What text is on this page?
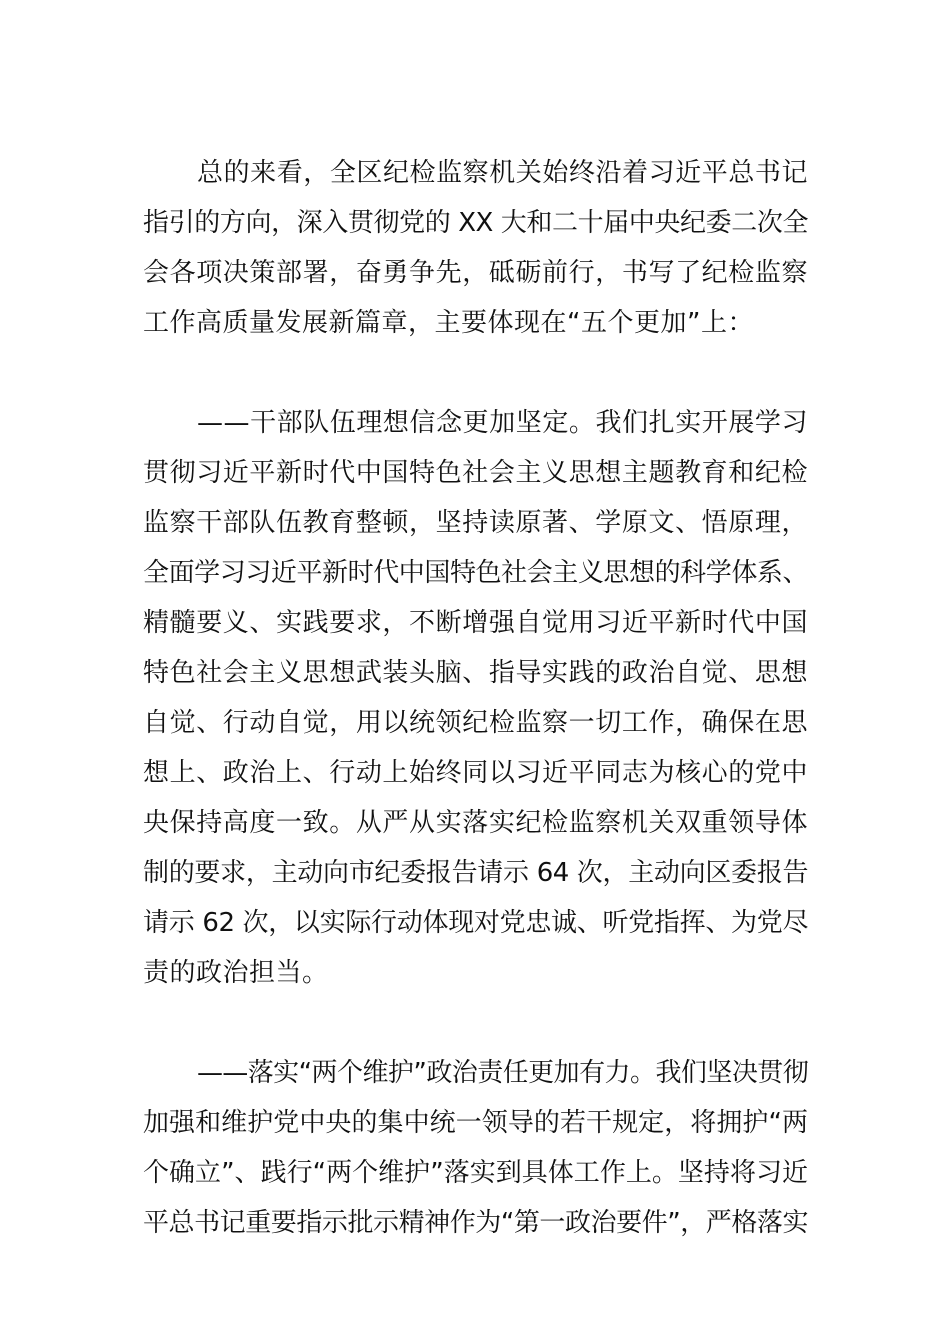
总的来看，全区纪检监察机关始终沿着习近平总书记
指引的方向，深入贯彻党的 XX 大和二十届中央纪委二次全
会各项决策部署，奋勇争先，砥砺前行，书写了纪检监察
工作高质量发展新篇章，主要体现在“五个更加”上：
——干部队伍理想信念更加坚定。我们扎实开展学习
贯彻习近平新时代中国特色社会主义思想主题教育和纪检
监察干部队伍教育整顿，坚持读原著、学原文、悟原理，
全面学习习近平新时代中国特色社会主义思想的科学体系、
精髓要义、实践要求，不断增强自觉用习近平新时代中国
特色社会主义思想武装头脑、指导实践的政治自觉、思想
自觉、行动自觉，用以统领纪检监察一切工作，确保在思
想上、政治上、行动上始终同以习近平同志为核心的党中
央保持高度一致。从严从实落实纪检监察机关双重领导体
制的要求，主动向市纪委报告请示 64 次，主动向区委报告
请示 62 次，以实际行动体现对党忠诚、听党指挥、为党尽
责的政治担当。
——落实“两个维护”政治责任更加有力。我们坚决贯彻
加强和维护党中央的集中统一领导的若干规定，将拥护“两
个确立”、践行“两个维护”落实到具体工作上。坚持将习近
平总书记重要指示批示精神作为“第一政治要件”，严格落实
